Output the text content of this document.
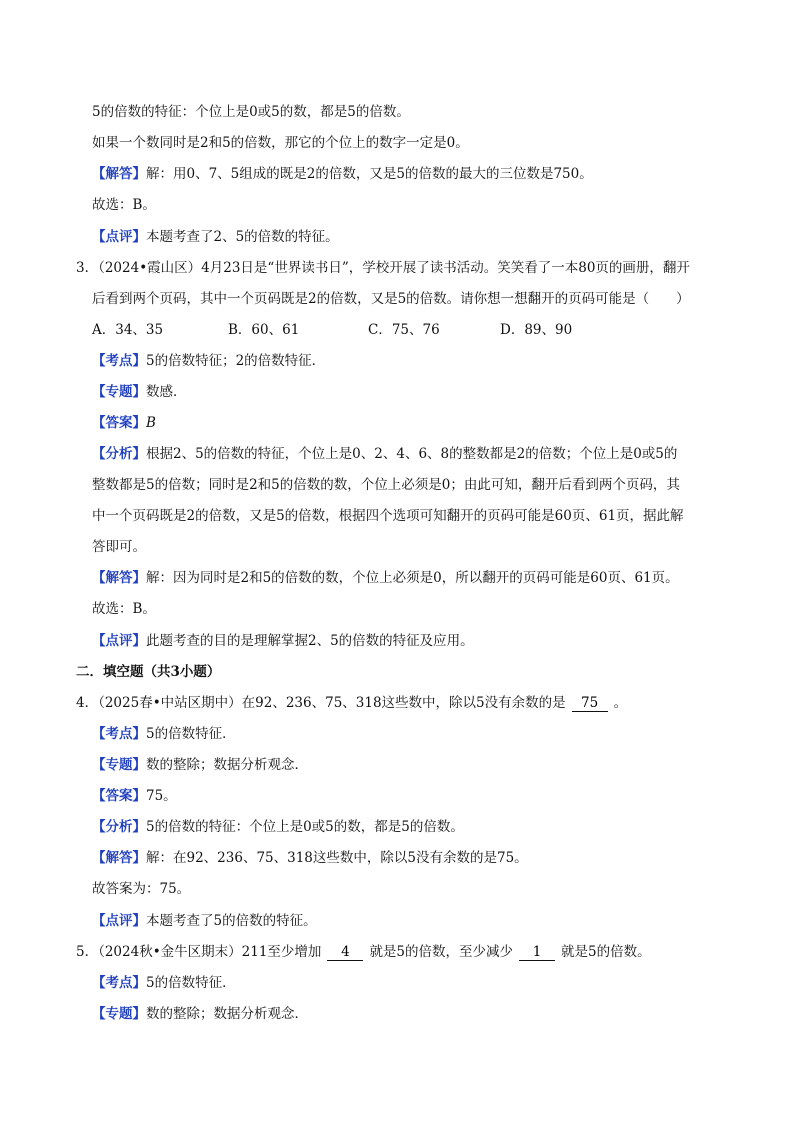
5的倍数的特征：个位上是0或5的数，都是5的倍数。
如果一个数同时是2和5的倍数，那它的个位上的数字一定是0。
【解答】解：用0、7、5组成的既是2的倍数，又是5的倍数的最大的三位数是750。
故选：B。
【点评】本题考查了2、5的倍数的特征。
3．（2024•霞山区）4月23日是“世界读书日”，学校开展了读书活动。笑笑看了一本80页的画册，翻开
后看到两个页码，其中一个页码既是2的倍数，又是5的倍数。请你想一想翻开的页码可能是（　　）
A．34、35	B．60、61	C．75、76	D．89、90
【考点】5的倍数特征；2的倍数特征．
【专题】数感．
【答案】B
【分析】根据2、5的倍数的特征，个位上是0、2、4、6、8的整数都是2的倍数；个位上是0或5的
整数都是5的倍数；同时是2和5的倍数的数，个位上必须是0；由此可知，翻开后看到两个页码，其
中一个页码既是2的倍数，又是5的倍数，根据四个选项可知翻开的页码可能是60页、61页，据此解
答即可。
【解答】解：因为同时是2和5的倍数的数，个位上必须是0，所以翻开的页码可能是60页、61页。
故选：B。
【点评】此题考查的目的是理解掌握2、5的倍数的特征及应用。
二．填空题（共3小题）
4．（2025春•中站区期中）在92、236、75、318这些数中，除以5没有余数的是 75 。
【考点】5的倍数特征．
【专题】数的整除；数据分析观念．
【答案】75。
【分析】5的倍数的特征：个位上是0或5的数，都是5的倍数。
【解答】解：在92、236、75、318这些数中，除以5没有余数的是75。
故答案为：75。
【点评】本题考查了5的倍数的特征。
5．（2024秋•金牛区期末）211至少增加 4 就是5的倍数，至少减少 1 就是5的倍数。
【考点】5的倍数特征．
【专题】数的整除；数据分析观念．
